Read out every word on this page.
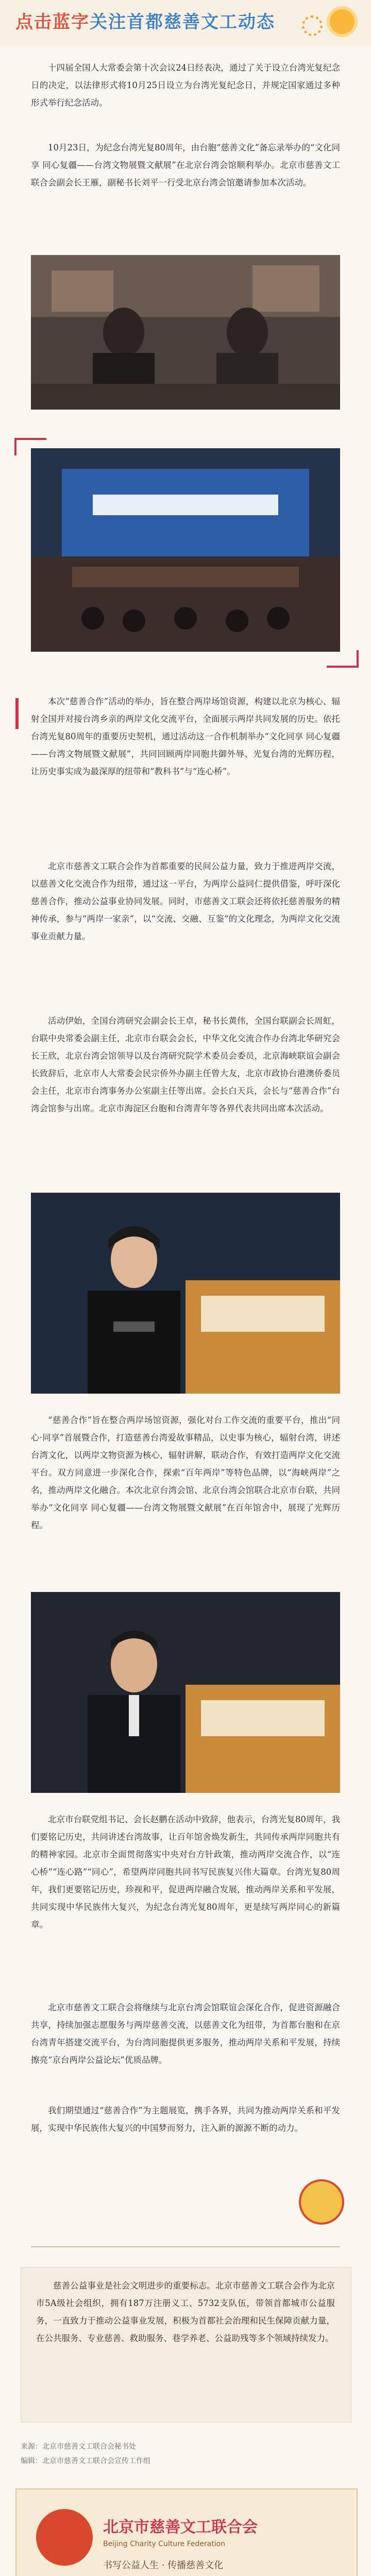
点击蓝字关注首都慈善文工动态
十四届全国人大常委会第十次会议24日经表决，通过了关于设立台湾光复纪念日的决定，以法律形式将10月25日设立为台湾光复纪念日，并规定国家通过多种形式举行纪念活动。
10月23日，为纪念台湾光复80周年，由台胞“慈善文化”备忘录举办的“文化同享 同心复疆——台湾文物展暨文献展”在北京台湾会馆顺利举办。北京市慈善文工联合会副会长王雁，副秘书长刘平一行受北京台湾会馆邀请参加本次活动。
本次“慈善合作”活动的举办，旨在整合两岸场馆资源，构建以北京为核心、辐射全国并对接台湾乡亲的两岸文化交流平台，全面展示两岸共同发展的历史。依托台湾光复80周年的重要历史契机，通过活动这一合作机制举办“文化同享 同心复疆——台湾文物展暨文献展”，共同回顾两岸同胞共御外辱、光复台湾的光辉历程，让历史事实成为最深厚的纽带和“教科书”与“连心桥”。
北京市慈善文工联合会作为首都重要的民间公益力量，致力于推进两岸交流，以慈善文化交流合作为纽带，通过这一平台，为两岸公益同仁提供借鉴，呼吁深化慈善合作，推动公益事业协同发展。同时，市慈善文工联会还将依托慈善服务的精神传承，参与“两岸一家亲”，以“交流、交融、互鉴”的文化理念，为两岸文化交流事业贡献力量。
活动伊始，全国台湾研究会副会长王卓，秘书长黄伟，全国台联副会长周虹，台联中央常委会副主任，北京市台联会会长，中华文化交流合作办台湾北华研究会长王欣，北京台湾会馆领导以及台湾研究院学术委员会委员，北京海峡联谊会副会长致辞后，北京市人大常委会民宗侨外办副主任曾大友，北京市政协台港澳侨委员会主任，北京市台湾事务办公室副主任等出席。会长白天兵，会长与“慈善合作”台湾会馆参与出席。北京市海淀区台胞和台湾青年等各界代表共同出席本次活动。
“慈善合作”旨在整合两岸场馆资源，强化对台工作交流的重要平台，推出“同心·同享”首展暨合作，打造慈善台湾爱故事精品，以史事为核心，辐射台湾，讲述台湾文化，以两岸文物资源为核心，辐射讲解，联动合作，有效打造两岸文化交流平台。双方同意进一步深化合作，探索“百年两岸”等特色品牌，以“海峡两岸”之名，推动两岸文化融合。本次北京台湾会馆、北京台湾会馆联合北京市台联，共同举办“文化同享 同心复疆——台湾文物展暨文献展”在百年馆舍中，展现了光辉历程。
北京市台联党组书记、会长赵鹏在活动中致辞，他表示，台湾光复80周年，我们要铭记历史，共同讲述台湾故事，让百年馆舍焕发新生，共同传承两岸同胞共有的精神家园。北京市全面贯彻落实中央对台方针政策，推动两岸交流合作，以“连心桥”“连心路”“同心”，希望两岸同胞共同书写民族复兴伟大篇章。台湾光复80周年，我们更要铭记历史，珍视和平，促进两岸融合发展，推动两岸关系和平发展，共同实现中华民族伟大复兴，为纪念台湾光复80周年，更是续写两岸同心的新篇章。
北京市慈善文工联合会将继续与北京台湾会馆联谊会深化合作，促进资源融合共享，持续加强志愿服务与两岸慈善交流，以慈善文化为纽带，为首都台胞和在京台湾青年搭建交流平台，为台湾同胞提供更多服务，推动两岸关系和平发展，持续擦亮“京台两岸公益论坛”优质品牌。
我们期望通过“慈善合作”为主题展览，携手各界，共同为推动两岸关系和平发展，实现中华民族伟大复兴的中国梦而努力，注入新的源源不断的动力。
慈善公益事业是社会文明进步的重要标志。北京市慈善文工联合会作为北京市5A级社会组织，拥有187万注册义工、5732支队伍，带领首都城市公益服务，一直致力于推动公益事业发展，积极为首都社会治理和民生保障贡献力量，在公共服务、专业慈善、救助服务、巷学养老、公益助残等多个领域持续发力。
来源：北京市慈善文工联合会秘书处
编辑：北京市慈善文工联合会宣传工作组
北京市慈善文工联合会
Beijing Charity Culture Federation
书写公益人生 · 传播慈善文化
